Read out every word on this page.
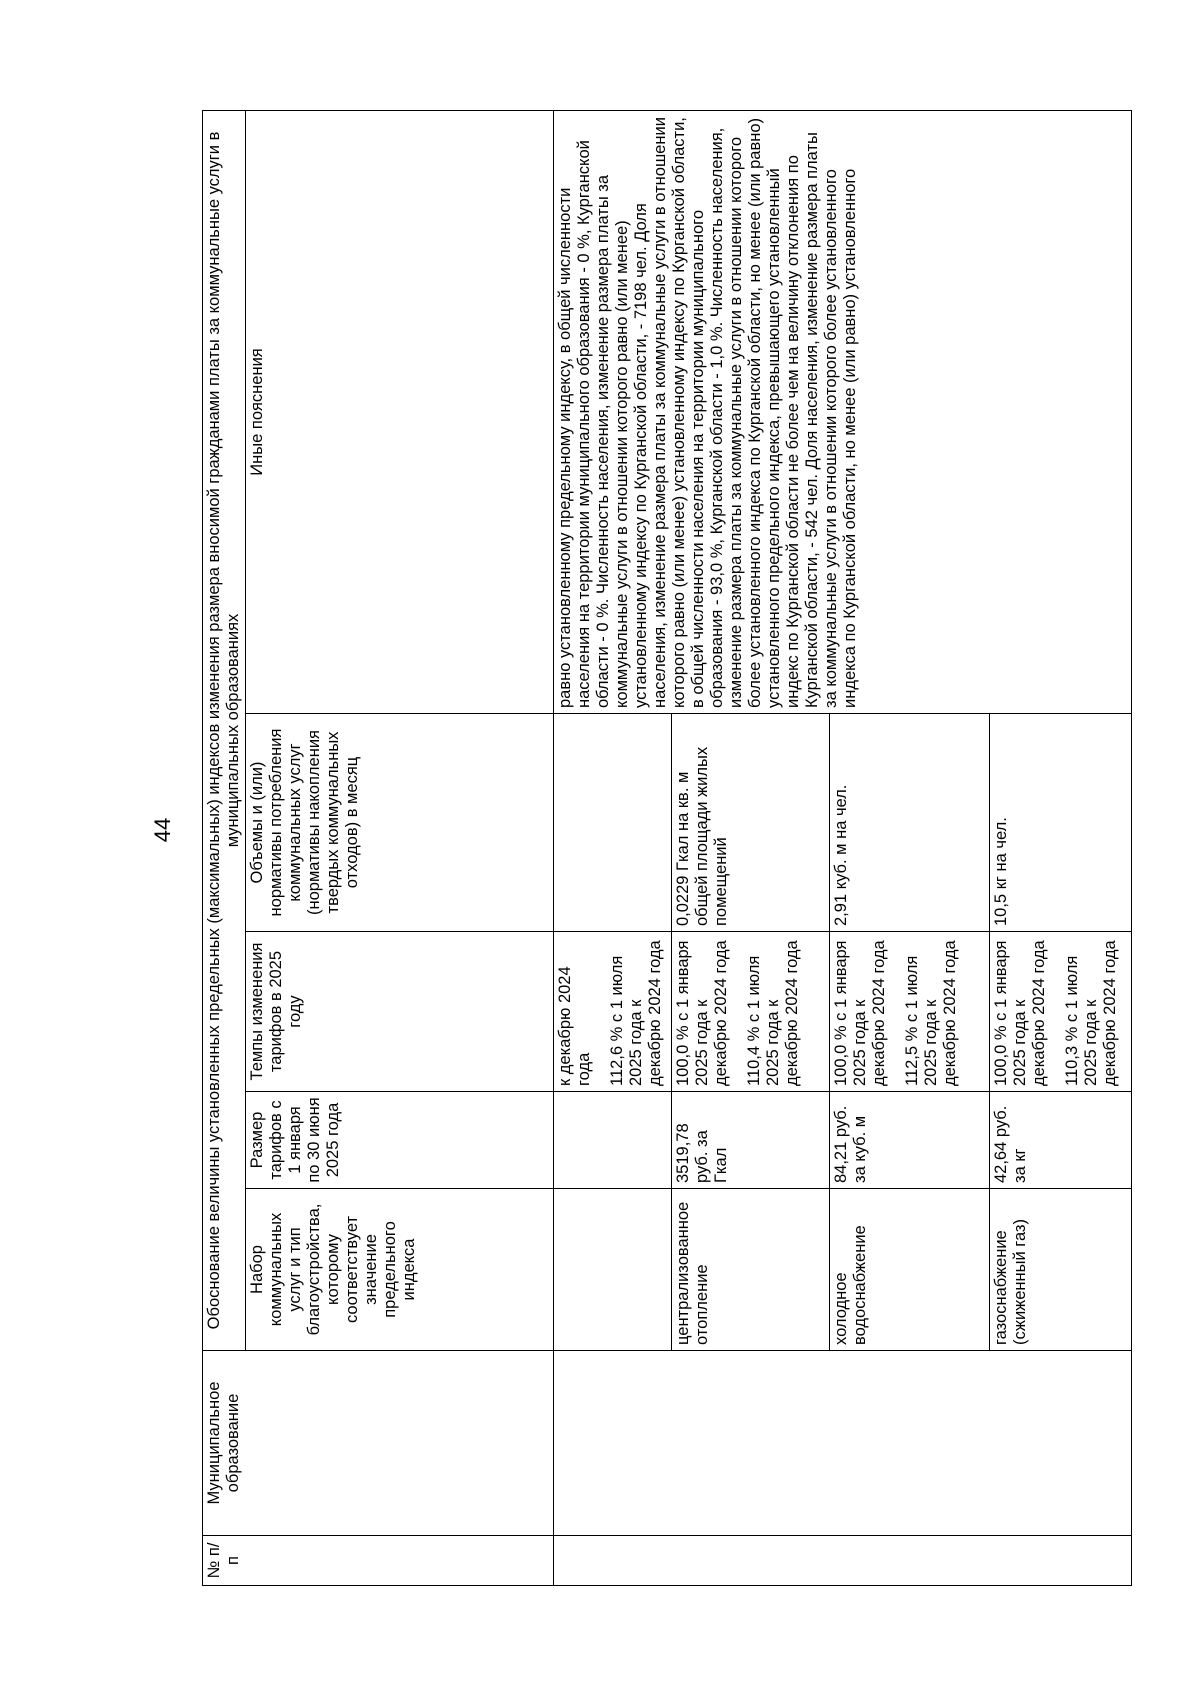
44
№ п/п	Муниципальное образование	Обоснование величины установленных предельных (максимальных) индексов изменения размера вносимой гражданами платы за коммунальные услуги в муниципальных образованиях				
		Набор коммунальных услуг и тип благоустройства, которому соответствует значение предельного индекса	Размер тарифов с 1 января по 30 июня 2025 года	Темпы изменения тарифов в 2025 году	Объемы и (или) нормативы потребления коммунальных услуг (нормативы накопления твердых коммунальных отходов) в месяц	Иные пояснения

				к декабрю 2024 года 112,6 % с 1 июля 2025 года к декабрю 2024 года		равно установленному предельному индексу, в общей численности населения на территории муниципального образования - 0 %, Курганской области - 0 %. Численность населения, изменение размера платы за коммунальные услуги в отношении которого равно (или менее) установленному индексу по Курганской области, - 7198 чел. Доля населения, изменение размера платы за коммунальные услуги в отношении которого равно (или менее) установленному индексу по Курганской области, в общей численности населения на территории муниципального образования - 93,0 %, Курганской области - 1,0 %. Численность населения, изменение размера платы за коммунальные услуги в отношении которого более установленного индекса по Курганской области, но менее (или равно) установленного предельного индекса, превышающего установленный индекс по Курганской области не более чем на величину отклонения по Курганской области, - 542 чел. Доля населения, изменение размера платы за коммунальные услуги в отношении которого более установленного индекса по Курганской области, но менее (или равно) установленного
		централизованное отопление	3519,78 руб. за Гкал	100,0 % с 1 января 2025 года к декабрю 2024 года 110,4 % с 1 июля 2025 года к декабрю 2024 года	0,0229 Гкал на кв. м общей площади жилых помещений	
		холодное водоснабжение	84,21 руб. за куб. м	100,0 % с 1 января 2025 года к декабрю 2024 года 112,5 % с 1 июля 2025 года к декабрю 2024 года	2,91 куб. м на чел.	
		газоснабжение (сжиженный газ)	42,64 руб. за кг	100,0 % с 1 января 2025 года к декабрю 2024 года 110,3 % с 1 июля 2025 года к декабрю 2024 года	10,5 кг на чел.	
